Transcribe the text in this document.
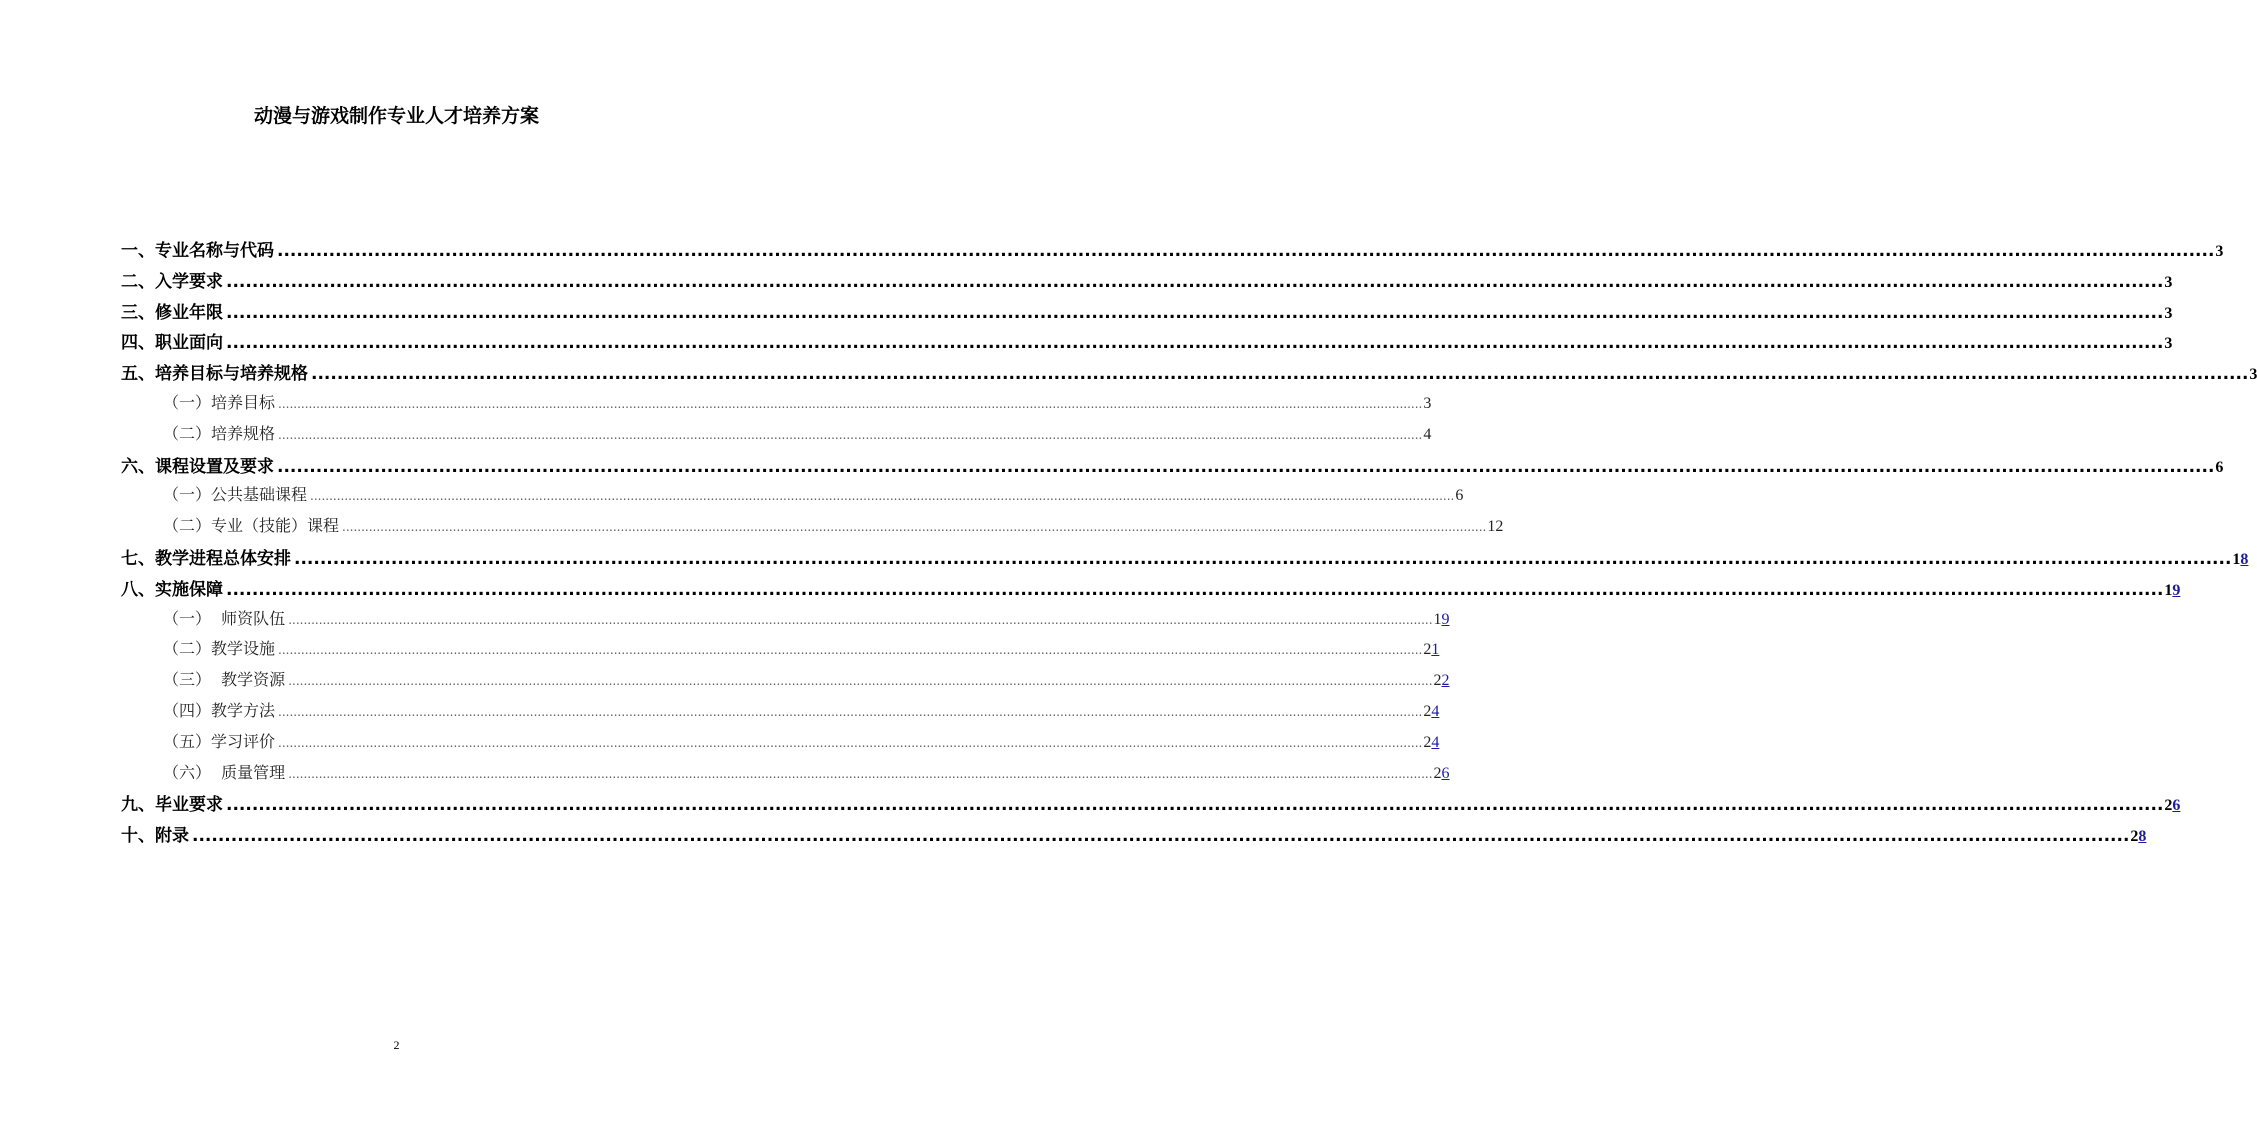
动漫与游戏制作专业人才培养方案
一、专业名称与代码 ............................................................................................................................................................................................................................................................................................................ 3
二、入学要求 ............................................................................................................................................................................................................................................................................................................ 3
三、修业年限 ............................................................................................................................................................................................................................................................................................................ 3
四、职业面向 ............................................................................................................................................................................................................................................................................................................ 3
五、培养目标与培养规格 ............................................................................................................................................................................................................................................................................................................ 3
（一）培养目标 ............................................................................................................................................................................................................................................................................................................ 3
（二）培养规格 ............................................................................................................................................................................................................................................................................................................ 4
六、课程设置及要求 ............................................................................................................................................................................................................................................................................................................ 6
（一）公共基础课程 ............................................................................................................................................................................................................................................................................................................ 6
（二）专业（技能）课程 ............................................................................................................................................................................................................................................................................................................ 12
七、教学进程总体安排 ............................................................................................................................................................................................................................................................................................................ 18
八、实施保障 ............................................................................................................................................................................................................................................................................................................ 19
（一）  师资队伍 ............................................................................................................................................................................................................................................................................................................ 19
（二）教学设施 ............................................................................................................................................................................................................................................................................................................ 21
（三）  教学资源 ............................................................................................................................................................................................................................................................................................................ 22
（四）教学方法 ............................................................................................................................................................................................................................................................................................................ 24
（五）学习评价 ............................................................................................................................................................................................................................................................................................................ 24
（六）  质量管理 ............................................................................................................................................................................................................................................................................................................ 26
九、毕业要求 ............................................................................................................................................................................................................................................................................................................ 26
十、附录 ............................................................................................................................................................................................................................................................................................................ 28
2
